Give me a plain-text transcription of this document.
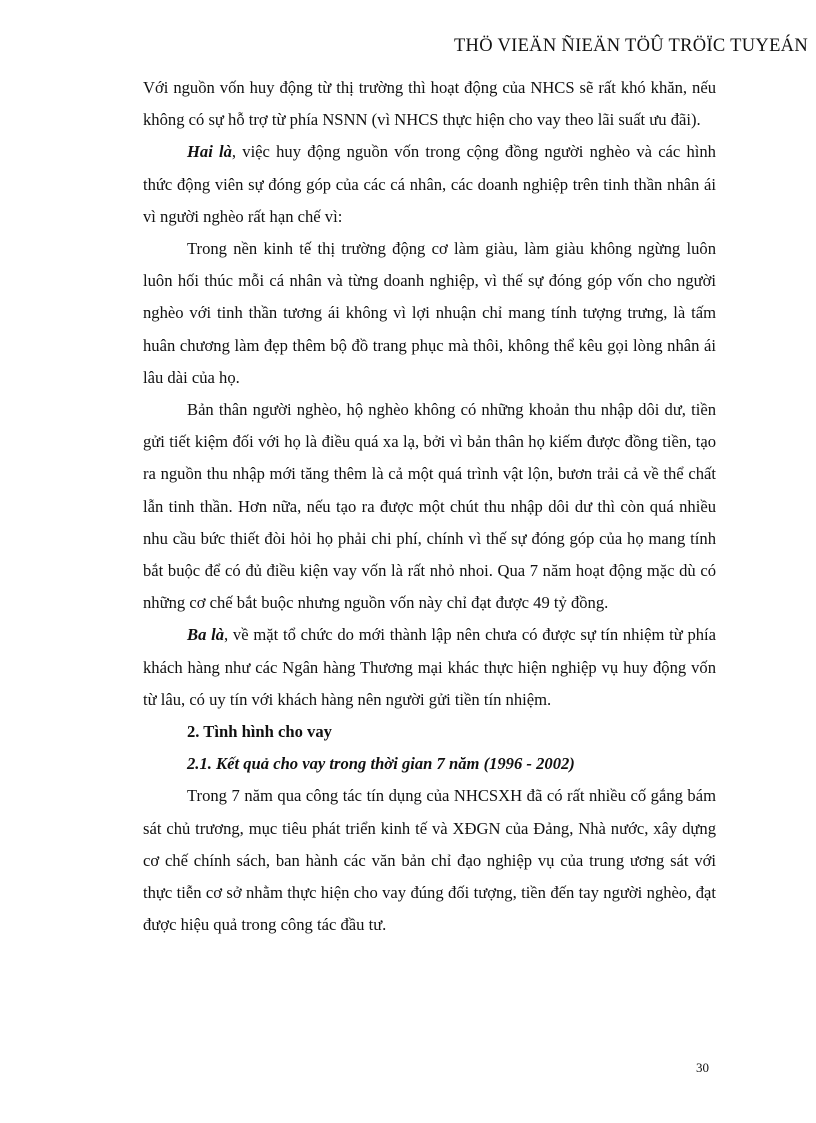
THÖ VIEÄN ÑIEÄN TÖÛ TRÖÏC TUYEÁN

Với nguồn vốn huy động từ thị trường thì hoạt động của NHCS sẽ rất khó khăn, nếu không có sự hỗ trợ từ phía NSNN (vì NHCS thực hiện cho vay theo lãi suất ưu đãi).

Hai là, việc huy động nguồn vốn trong cộng đồng người nghèo và các hình thức động viên sự đóng góp của các cá nhân, các doanh nghiệp trên tinh thần nhân ái vì người nghèo rất hạn chế vì:

Trong nền kinh tế thị trường động cơ làm giàu, làm giàu không ngừng luôn luôn hối thúc mỗi cá nhân và từng doanh nghiệp, vì thế sự đóng góp vốn cho người nghèo với tinh thần tương ái không vì lợi nhuận chỉ mang tính tượng trưng, là tấm huân chương làm đẹp thêm bộ đồ trang phục mà thôi, không thể kêu gọi lòng nhân ái lâu dài của họ.

Bản thân người nghèo, hộ nghèo không có những khoản thu nhập dôi dư, tiền gửi tiết kiệm đối với họ là điều quá xa lạ, bởi vì bản thân họ kiếm được đồng tiền, tạo ra nguồn thu nhập mới tăng thêm là cả một quá trình vật lộn, bươn trải cả về thể chất lẫn tinh thần. Hơn nữa, nếu tạo ra được một chút thu nhập dôi dư thì còn quá nhiều nhu cầu bức thiết đòi hỏi họ phải chi phí, chính vì thế sự đóng góp của họ mang tính bắt buộc để có đủ điều kiện vay vốn là rất nhỏ nhoi. Qua 7 năm hoạt động mặc dù có những cơ chế bắt buộc nhưng nguồn vốn này chỉ đạt được 49 tỷ đồng.

Ba là, về mặt tổ chức do mới thành lập nên chưa có được sự tín nhiệm từ phía khách hàng như các Ngân hàng Thương mại khác thực hiện nghiệp vụ huy động vốn từ lâu, có uy tín với khách hàng nên người gửi tiền tín nhiệm.

2. Tình hình cho vay

2.1. Kết quả cho vay trong thời gian 7 năm (1996 - 2002)

Trong 7 năm qua công tác tín dụng của NHCSXH đã có rất nhiều cố gắng bám sát chủ trương, mục tiêu phát triển kinh tế và XĐGN của Đảng, Nhà nước, xây dựng cơ chế chính sách, ban hành các văn bản chỉ đạo nghiệp vụ của trung ương sát với thực tiễn cơ sở nhằm thực hiện cho vay đúng đối tượng, tiền đến tay người nghèo, đạt được hiệu quả trong công tác đầu tư.

30
